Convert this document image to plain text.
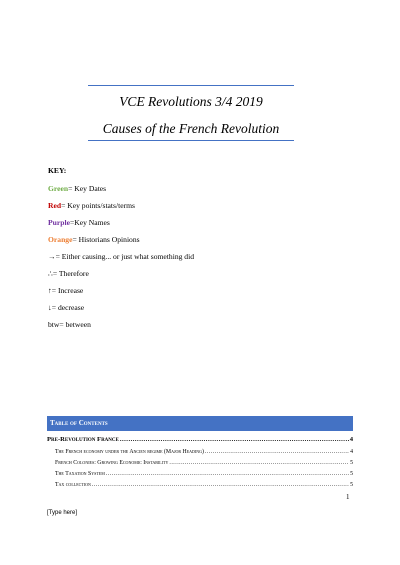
VCE Revolutions 3/4 2019
Causes of the French Revolution
KEY:
Green= Key Dates
Red= Key points/stats/terms
Purple=Key Names
Orange= Historians Opinions
→= Either causing... or just what something did
∴= Therefore
↑= Increase
↓= decrease
btw= between
Table of Contents
Pre-Revolution France .....	4
The French economy under the Ancien regime (Major Heading) .....	4
French Colonies: Growing Economic Instability .....	5
The Taxation System .....	5
Tax collection .....	5
1
[Type here]
